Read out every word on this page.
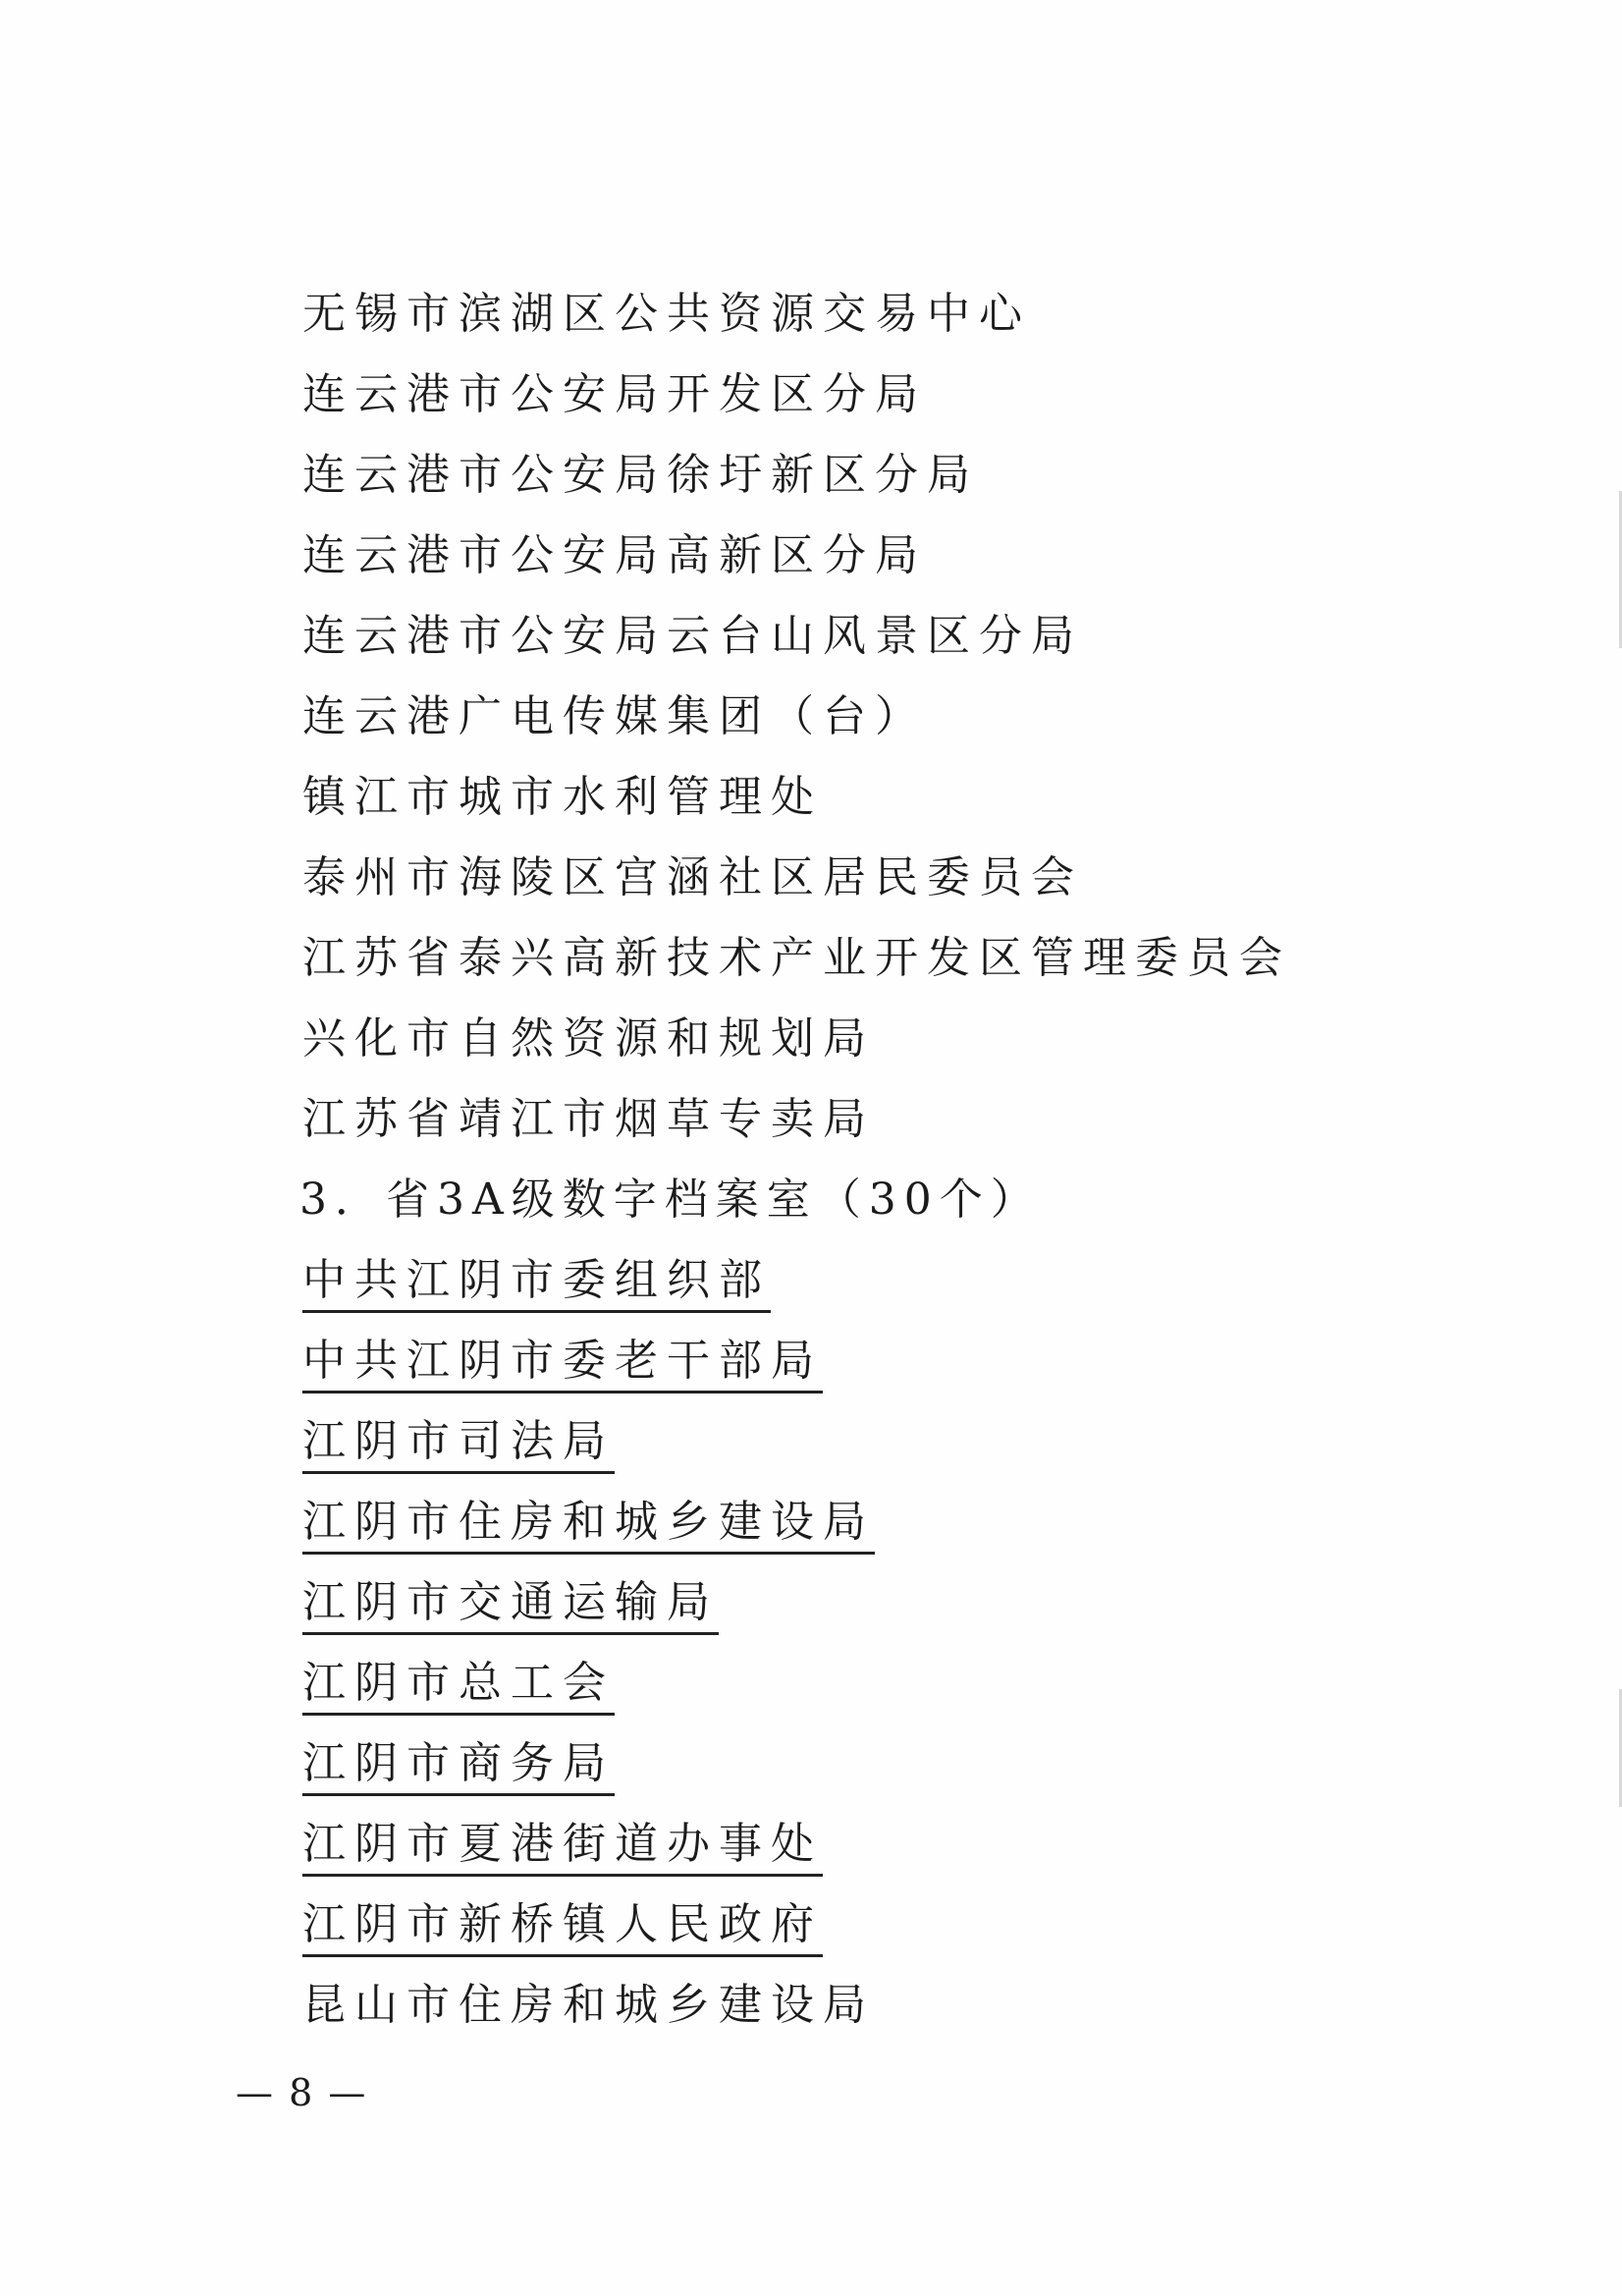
无锡市滨湖区公共资源交易中心
连云港市公安局开发区分局
连云港市公安局徐圩新区分局
连云港市公安局高新区分局
连云港市公安局云台山风景区分局
连云港广电传媒集团（台）
镇江市城市水利管理处
泰州市海陵区宫涵社区居民委员会
江苏省泰兴高新技术产业开发区管理委员会
兴化市自然资源和规划局
江苏省靖江市烟草专卖局
3．省3A级数字档案室（30个）
中共江阴市委组织部
中共江阴市委老干部局
江阴市司法局
江阴市住房和城乡建设局
江阴市交通运输局
江阴市总工会
江阴市商务局
江阴市夏港街道办事处
江阴市新桥镇人民政府
昆山市住房和城乡建设局
— 8 —
